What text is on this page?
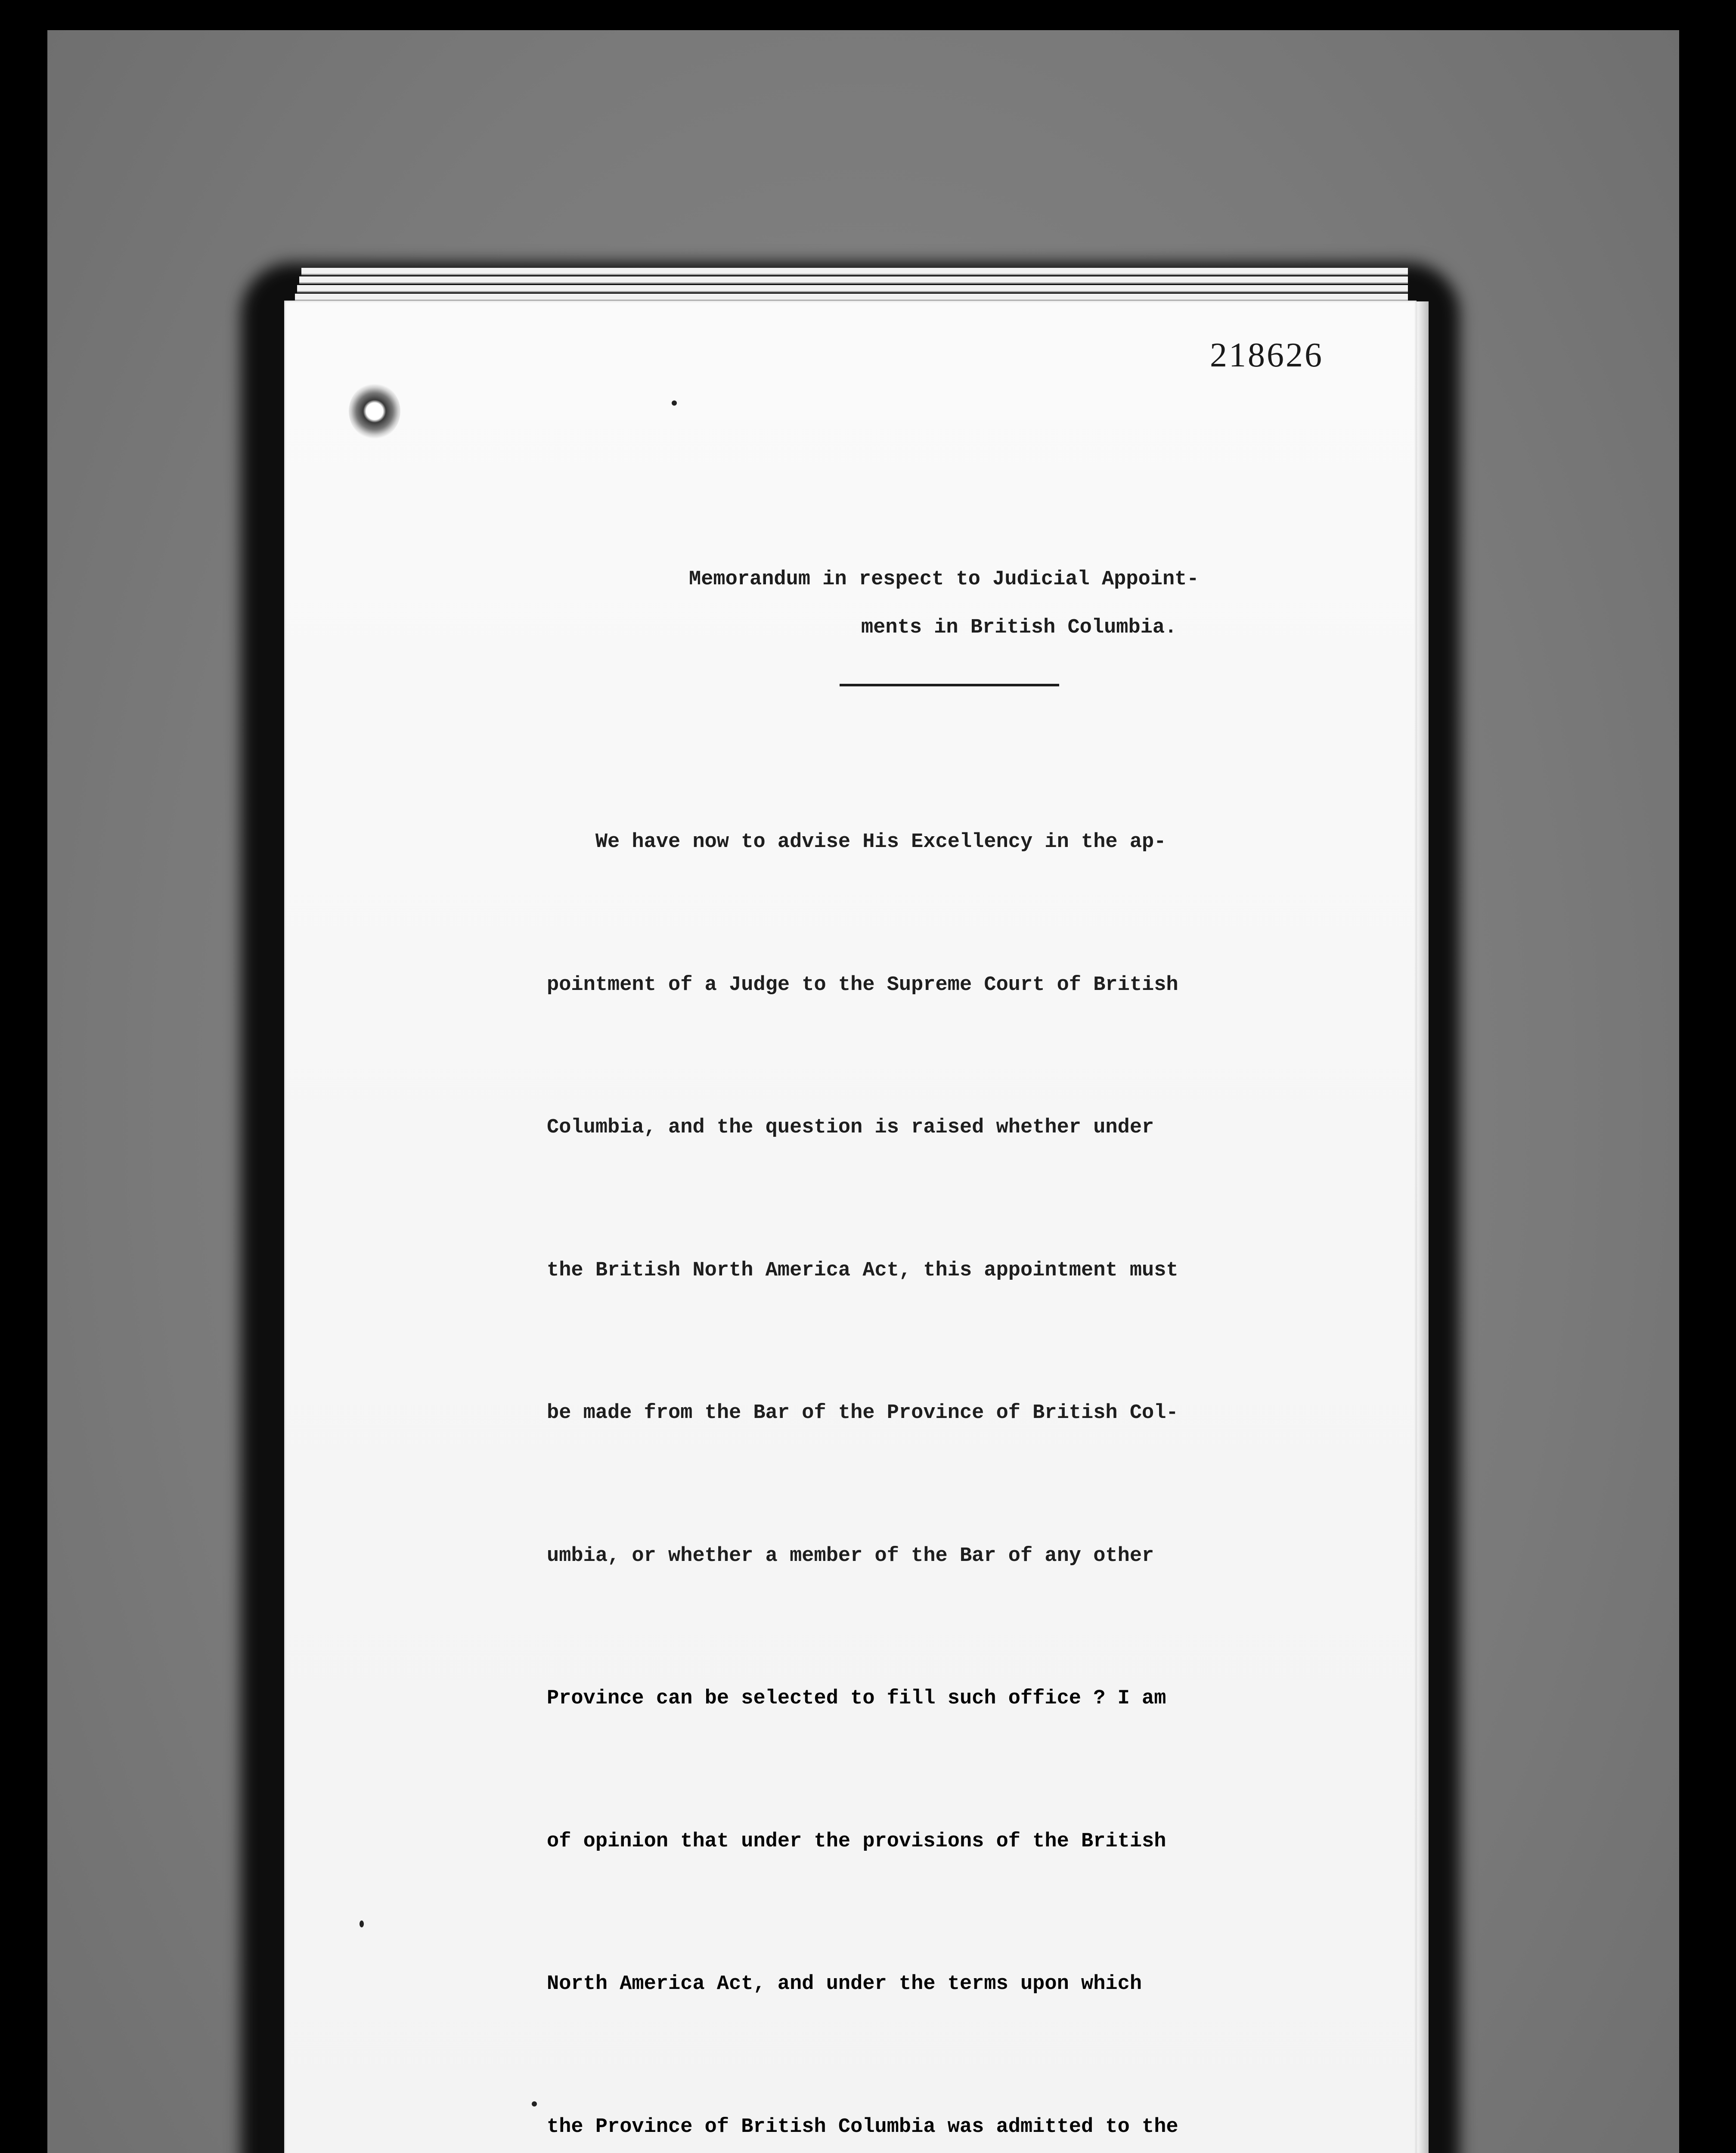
218626
Memorandum in respect to Judicial Appoint-
ments in British Columbia.

We have now to advise His Excellency in the ap-

pointment of a Judge to the Supreme Court of British

Columbia, and the question is raised whether under

the British North America Act, this appointment must

be made from the Bar of the Province of British Col-

umbia, or whether a member of the Bar of any other

Province can be selected to fill such office ? I am

of opinion that under the provisions of the British

North America Act, and under the terms upon which

the Province of British Columbia was admitted to the
